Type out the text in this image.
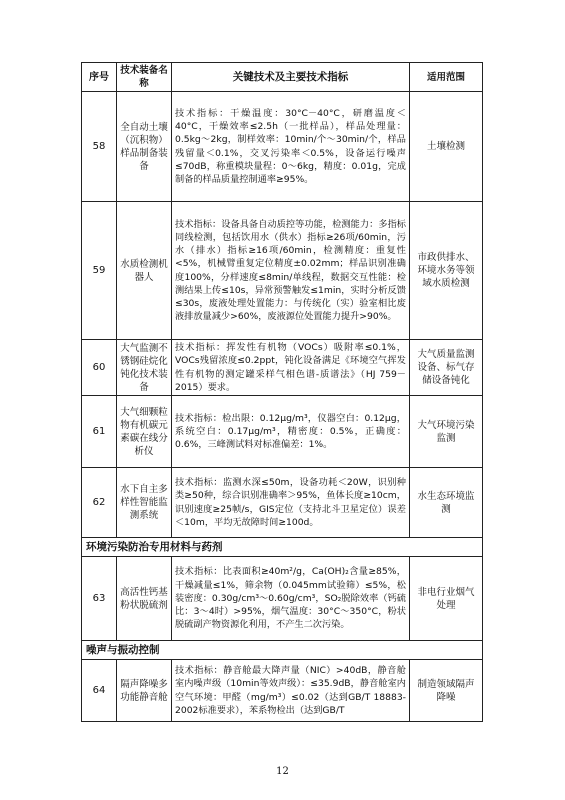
序号	技术装备名称	关键技术及主要技术指标	适用范围
58	全自动土壤（沉积物）样品制备装备	技术指标：干燥温度：30°C－40°C，研磨温度＜40°C，干燥效率≤2.5h（一批样品），样品处理量：0.5kg～2kg，制样效率：10min/个～30min/个，样品残留量＜0.1%，交叉污染率＜0.5%，设备运行噪声≤70dB，称重模块量程：0～6kg，精度：0.01g，完成制备的样品质量控制通率≥95%。	土壤检测
59	水质检测机器人	技术指标：设备具备自动质控等功能，检测能力：多指标同线检测，包括饮用水（供水）指标≥26项/60min，污水（排水）指标≥16项/60min，检测精度：重复性<5%，机械臂重复定位精度±0.02mm；样品识别准确度100%，分样速度≤8min/单线程，数据交互性能：检测结果上传≤10s，异常预警触发≤1min，实时分析反馈≤30s，废液处理处置能力：与传统化（实）验室相比废液排放量减少>60%，废液源位处置能力提升>90%。	市政供排水、环境水务等领域水质检测
60	大气监测不锈钢硅烷化钝化技术装备	技术指标：挥发性有机物（VOCs）吸附率≤0.1%，VOCs残留浓度≤0.2ppt，钝化设备满足《环境空气挥发性有机物的测定罐采样气相色谱-质谱法》（HJ 759－2015）要求。	大气质量监测设备、标气存储设备钝化
61	大气细颗粒物有机碳元素碳在线分析仪	技术指标：检出限：0.12μg/m³，仪器空白：0.12μg，系统空白：0.17μg/m³，精密度：0.5%，正确度：0.6%，三峰测试料对标准偏差：1%。	大气环境污染监测
62	水下自主多样性智能监测系统	技术指标：监测水深≤50m，设备功耗＜20W，识别种类≥50种，综合识别准确率＞95%，鱼体长度≥10cm，识别速度≥25帧/s，GIS定位（支持北斗卫星定位）误差＜10m，平均无故障时间≥100d。	水生态环境监测
环境污染防治专用材料与药剂			
63	高活性钙基粉状脱硫剂	技术指标：比表面积≥40m²/g，Ca(OH)₂含量≥85%，干燥减量≤1%，筛余物（0.045mm试验筛）≤5%，松装密度：0.30g/cm³～0.60g/cm³，SO₂脱除效率（钙硫比：3～4时）>95%，烟气温度：30°C～350°C，粉状脱硫副产物资源化利用，不产生二次污染。	非电行业烟气处理
噪声与振动控制			
64	隔声降噪多功能静音舱	技术指标：静音舱最大降声量（NIC）>40dB，静音舱室内噪声级（10min等效声级）：≤35.9dB，静音舱室内空气环境：甲醛（mg/m³）≤0.02（达到GB/T 18883-2002标准要求），苯系物检出（达到GB/T	制造领域隔声降噪
12
